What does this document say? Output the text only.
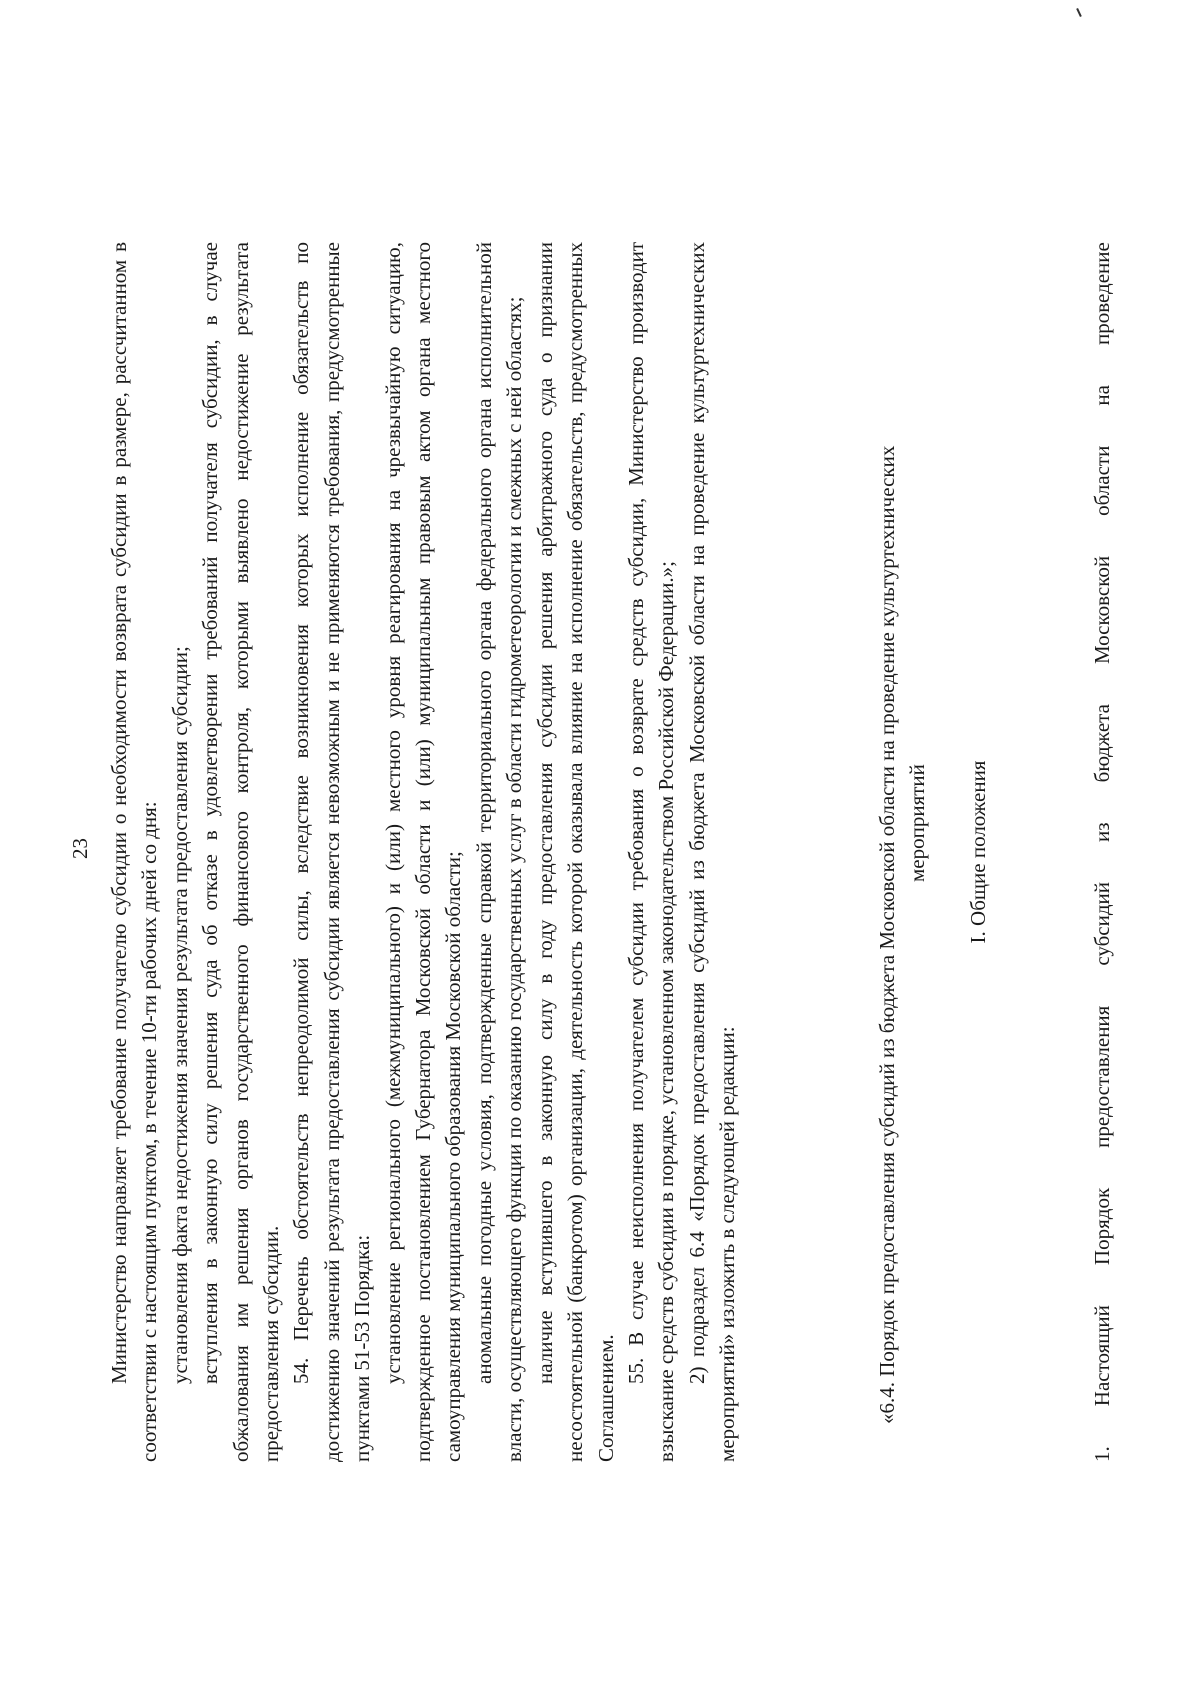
23 Министерство направляет требование получателю субсидии о необходимости возврата субсидии в размере, рассчитанном в соответствии с настоящим пунктом, в течение 10-ти рабочих дней со дня: установления факта недостижения значения результата предоставления субсидии; вступления в законную силу решения суда об отказе в удовлетворении требований получателя субсидии, в случае обжалования им решения органов государственного финансового контроля, которыми выявлено недостижение результата предоставления субсидии. 54. Перечень обстоятельств непреодолимой силы, вследствие возникновения которых исполнение обязательств по достижению значений результата предоставления субсидии является невозможным и не применяются требования, предусмотренные пунктами 51-53 Порядка: установление регионального (межмуниципального) и (или) местного уровня реагирования на чрезвычайную ситуацию, подтвержденное постановлением Губернатора Московской области и (или) муниципальным правовым актом органа местного самоуправления муниципального образования Московской области; аномальные погодные условия, подтвержденные справкой территориального органа федерального органа исполнительной власти, осуществляющего функции по оказанию государственных услуг в области гидрометеорологии и смежных с ней областях; наличие вступившего в законную силу в году предоставления субсидии решения арбитражного суда о признании несостоятельной (банкротом) организации, деятельность которой оказывала влияние на исполнение обязательств, предусмотренных Соглашением.

55. В случае неисполнения получателем субсидии требования о возврате средств субсидии, Министерство производит взыскание средств субсидии в порядке, установленном законодательством Российской Федерации.»; 2) подраздел 6.4 «Порядок предоставления субсидий из бюджета Московской области на проведение культуртехнических мероприятий» изложить в следующей редакции:	«6.4. Порядок предоставления субсидий из бюджета Московской области на проведение культуртехнических мероприятий I. Общие положения

1.
Настоящий
Порядок
предоставления
субсидий
из
бюджета
Московской
области
на
проведение
